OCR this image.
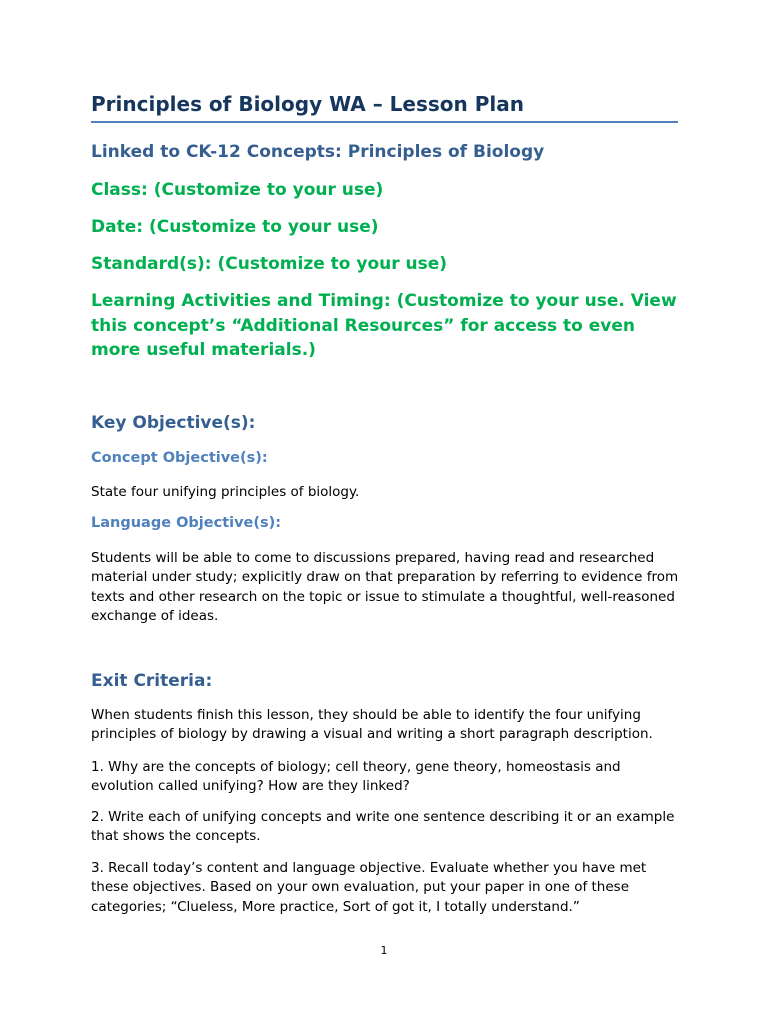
Principles of Biology WA – Lesson Plan
Linked to CK-12 Concepts: Principles of Biology
Class: (Customize to your use)
Date: (Customize to your use)
Standard(s): (Customize to your use)
Learning Activities and Timing: (Customize to your use. View this concept’s “Additional Resources” for access to even more useful materials.)
Key Objective(s):
Concept Objective(s):

State four unifying principles of biology.

Language Objective(s):

Students will be able to come to discussions prepared, having read and researched material under study; explicitly draw on that preparation by referring to evidence from texts and other research on the topic or issue to stimulate a thoughtful, well-reasoned exchange of ideas.

Exit Criteria:

When students finish this lesson, they should be able to identify the four unifying principles of biology by drawing a visual and writing a short paragraph description.

1. Why are the concepts of biology; cell theory, gene theory, homeostasis and evolution called unifying? How are they linked?

2. Write each of unifying concepts and write one sentence describing it or an example that shows the concepts.

3. Recall today’s content and language objective. Evaluate whether you have met these objectives. Based on your own evaluation, put your paper in one of these categories; “Clueless, More practice, Sort of got it, I totally understand.”

1
